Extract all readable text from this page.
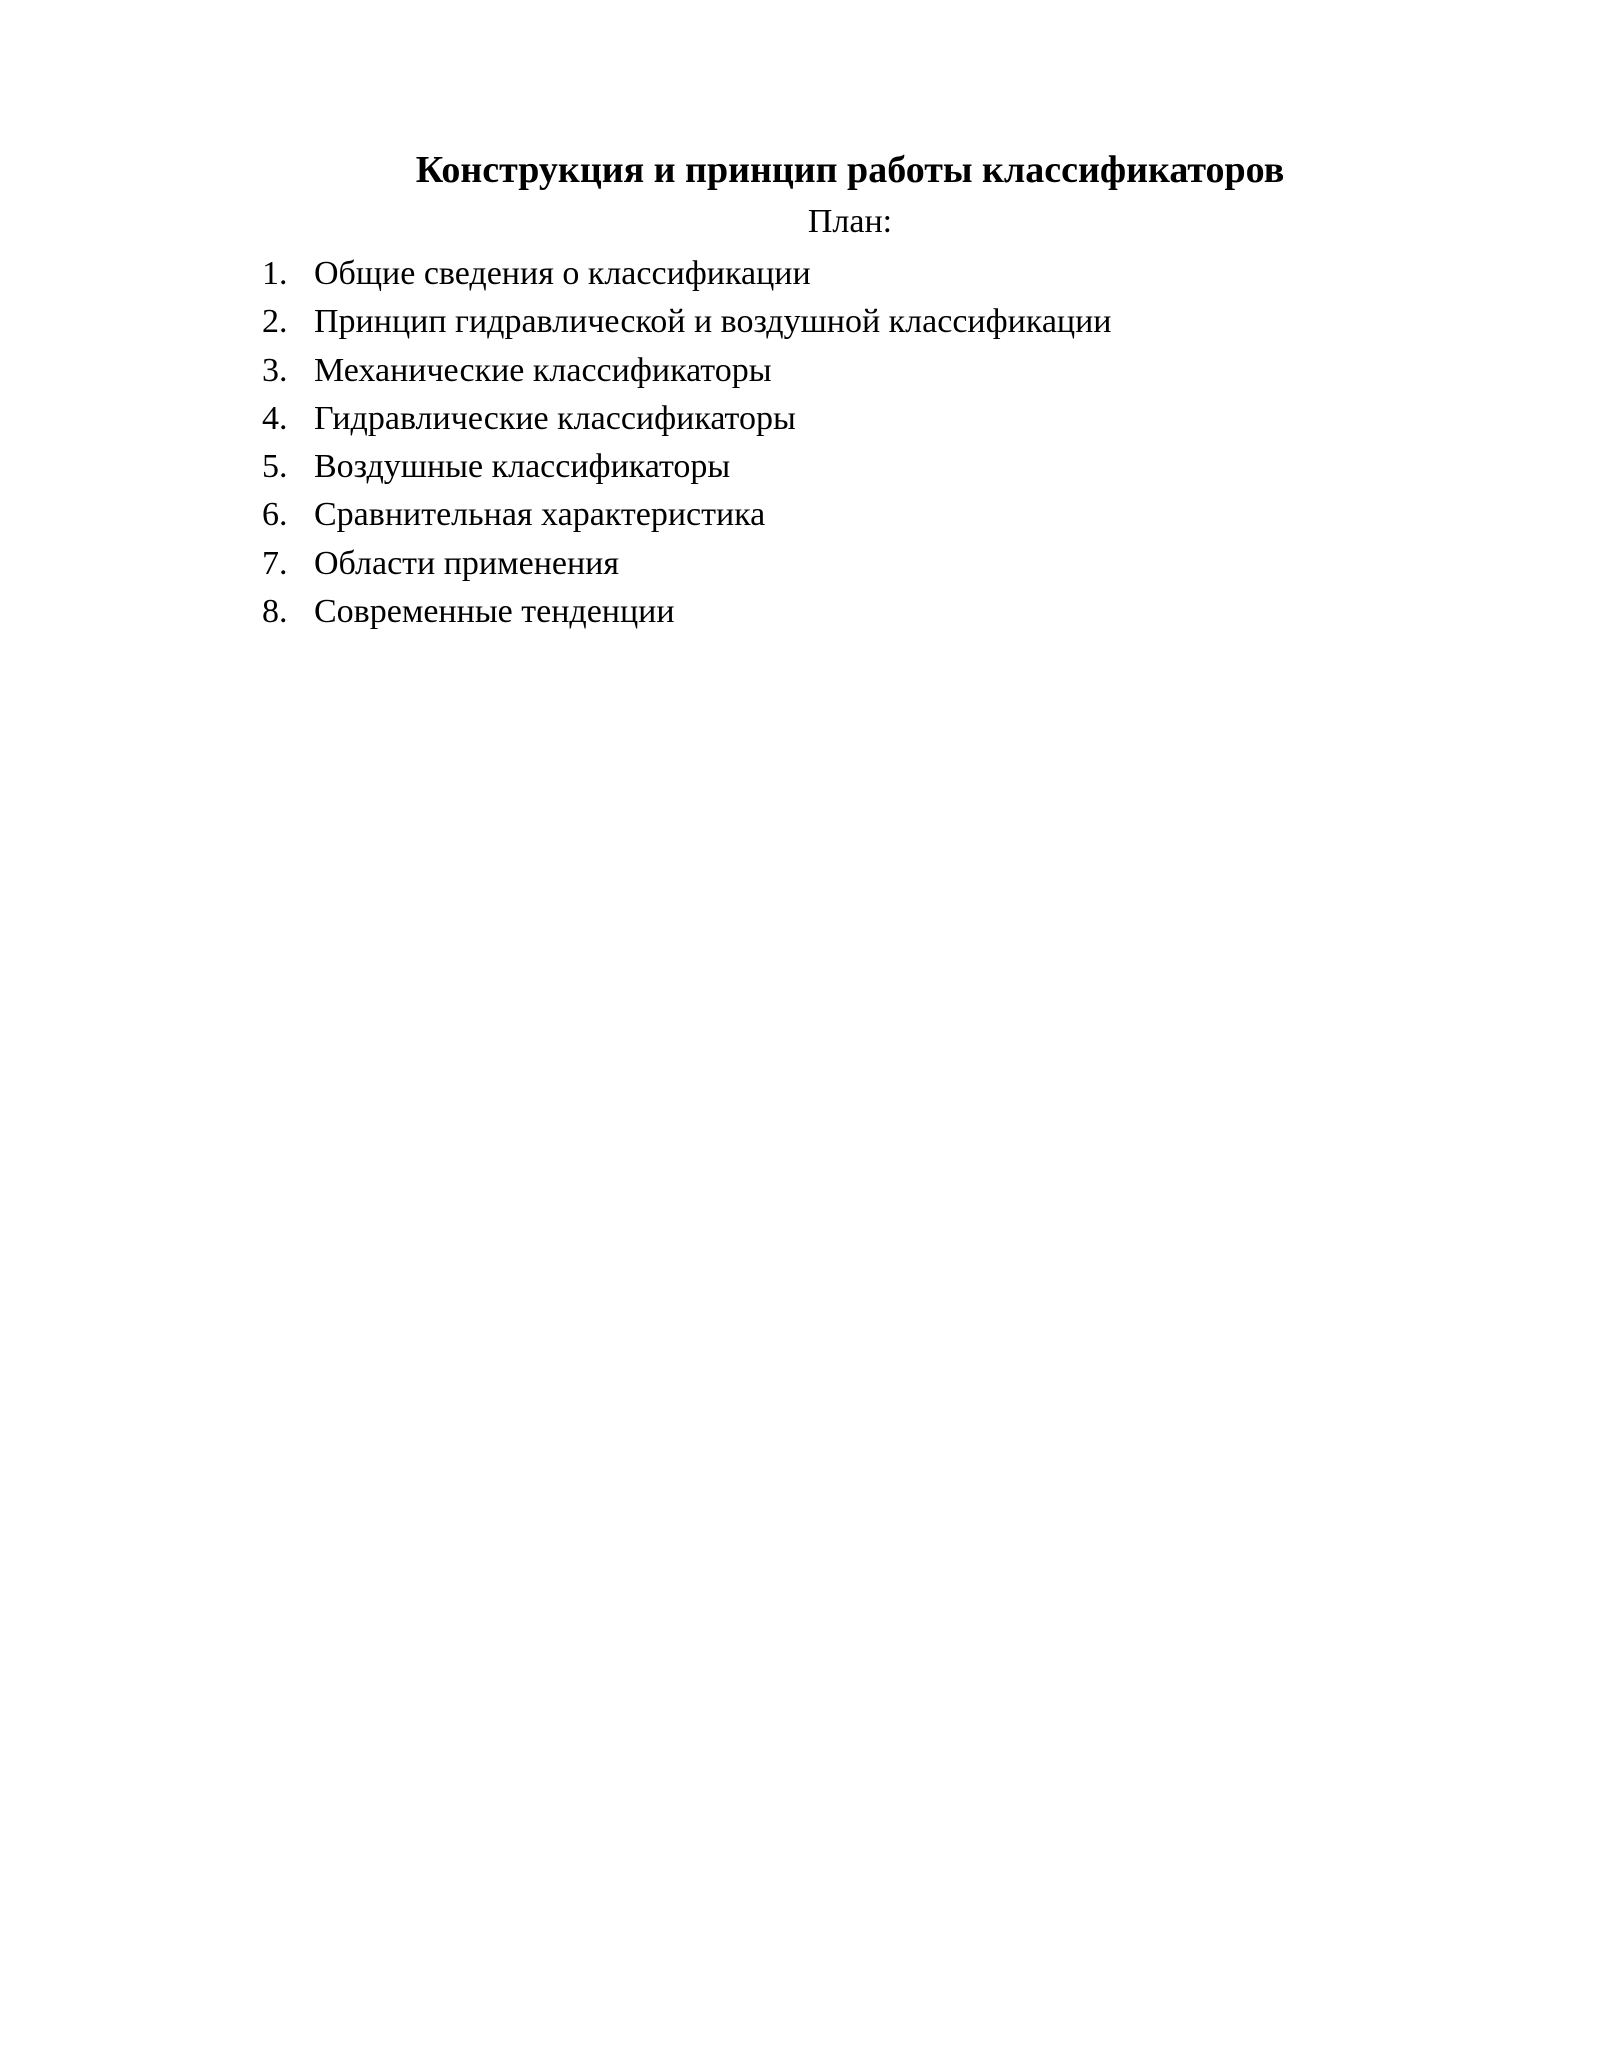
Конструкция и принцип работы классификаторов

План:

1. Общие сведения о классификации
2. Принцип гидравлической и воздушной классификации
3. Механические классификаторы
4. Гидравлические классификаторы
5. Воздушные классификаторы
6. Сравнительная характеристика
7. Области применения
8. Современные тенденции
